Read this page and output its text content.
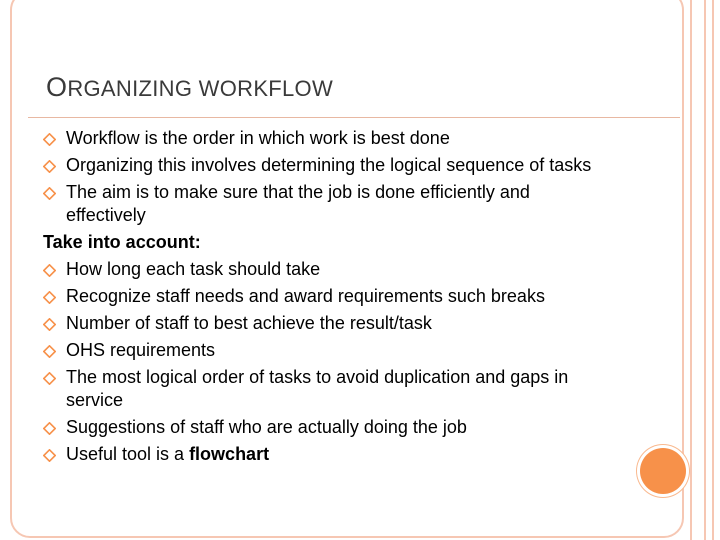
ORGANIZING WORKFLOW
Workflow is the order in which work is best done
Organizing this involves determining the logical sequence of tasks
The aim is to make sure that the job is done efficiently and effectively
Take into account:
How long each task should take
Recognize staff needs and award requirements such breaks
Number of staff to best achieve the result/task
OHS requirements
The most logical order of tasks to avoid duplication and gaps in service
Suggestions of staff who are actually doing the job
Useful tool is a flowchart
